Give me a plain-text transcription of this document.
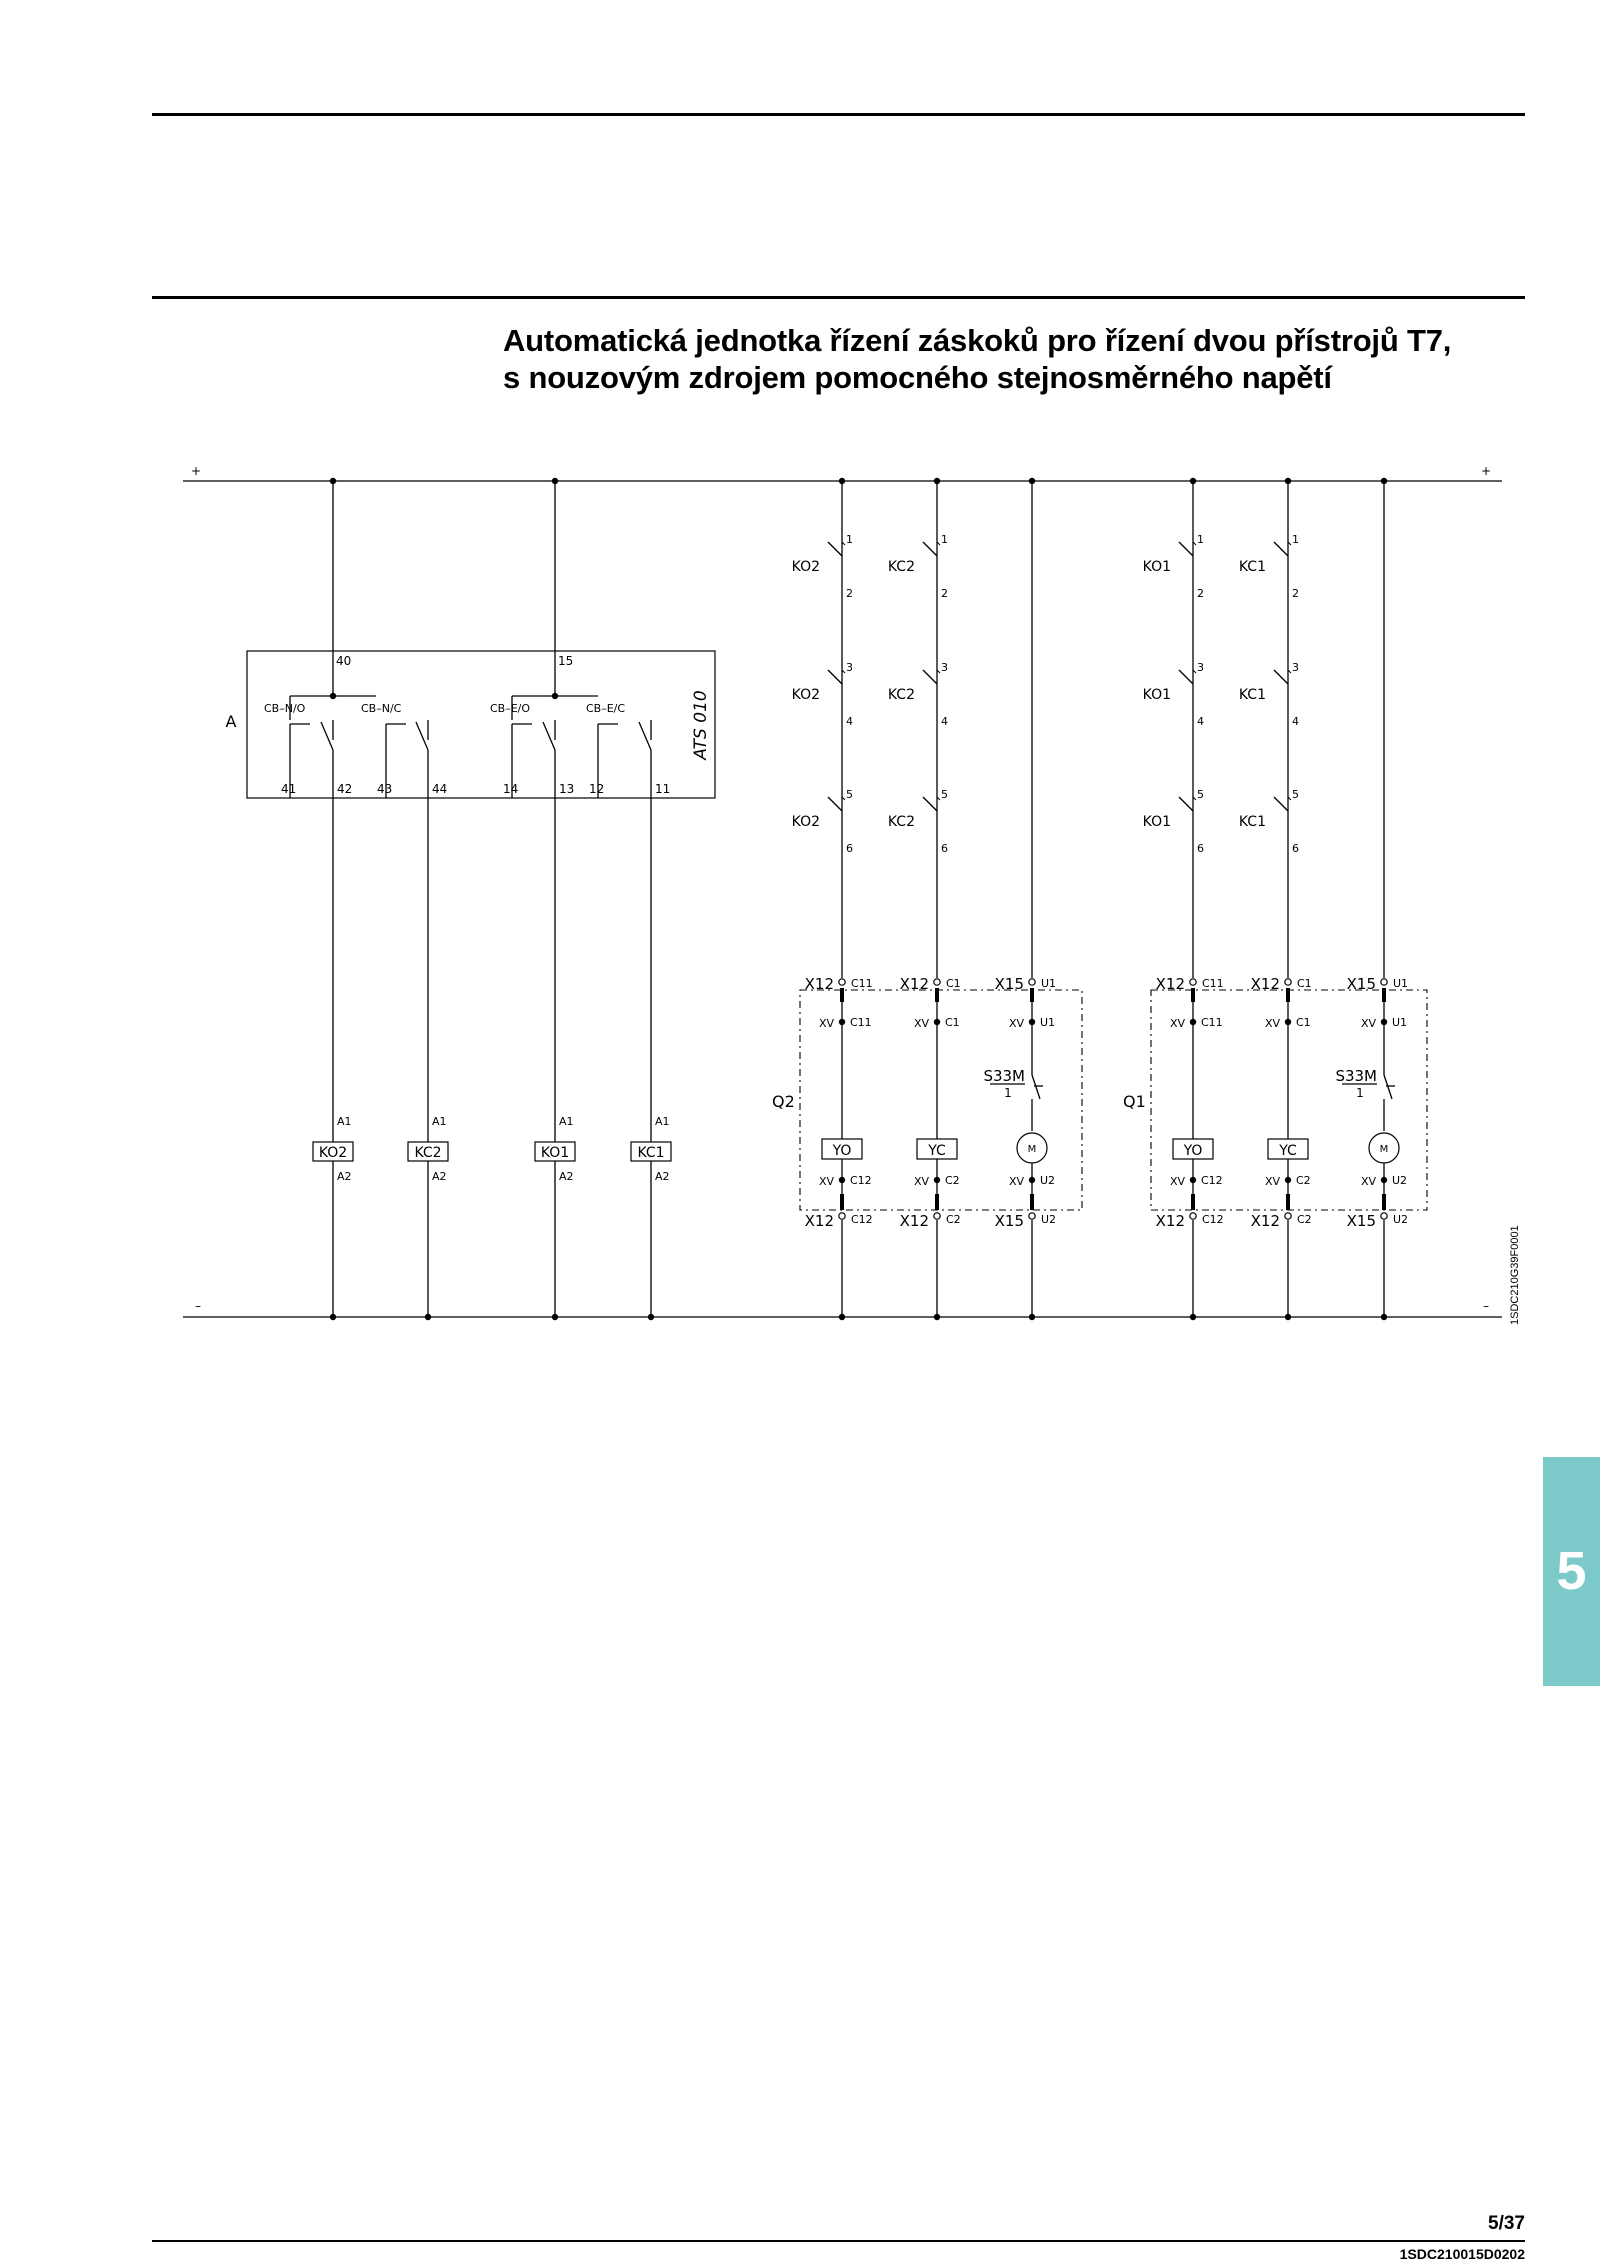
Automatická jednotka řízení záskoků pro řízení dvou přístrojů T7,
s nouzovým zdrojem pomocného stejnosměrného napětí
+	+
–	–
A	ATS 010
40	15
CB–N/O
41	42
CB–N/C
43	44
CB–E/O
14	13
CB–E/C
12	11
KO2
A1
A2
KC2
A1
A2
KO1
A1
A2
KC1
A1
A2
1
2
KO2
3
4
KO2
5
6
KO2
1
2
KC2
3
4
KC2
5
6
KC2
1
2
KO1
3
4
KO1
5
6
KO1
1
2
KC1
3
4
KC1
5
6
KC1
Q2
X12 C11
XV C11
YO
XV C12
X12 C12
X12 C1
XV C1
YC
XV C2
X12 C2
X15 U1
XV U1
S33M
1
M
XV U2
X15 U2
Q1
X12 C11
XV C11
YO
XV C12
X12 C12
X12 C1
XV C1
YC
XV C2
X12 C2
X15 U1
XV U1
S33M
1
M
XV U2
X15 U2
1SDC210G39F0001
5
5/37
1SDC210015D0202
